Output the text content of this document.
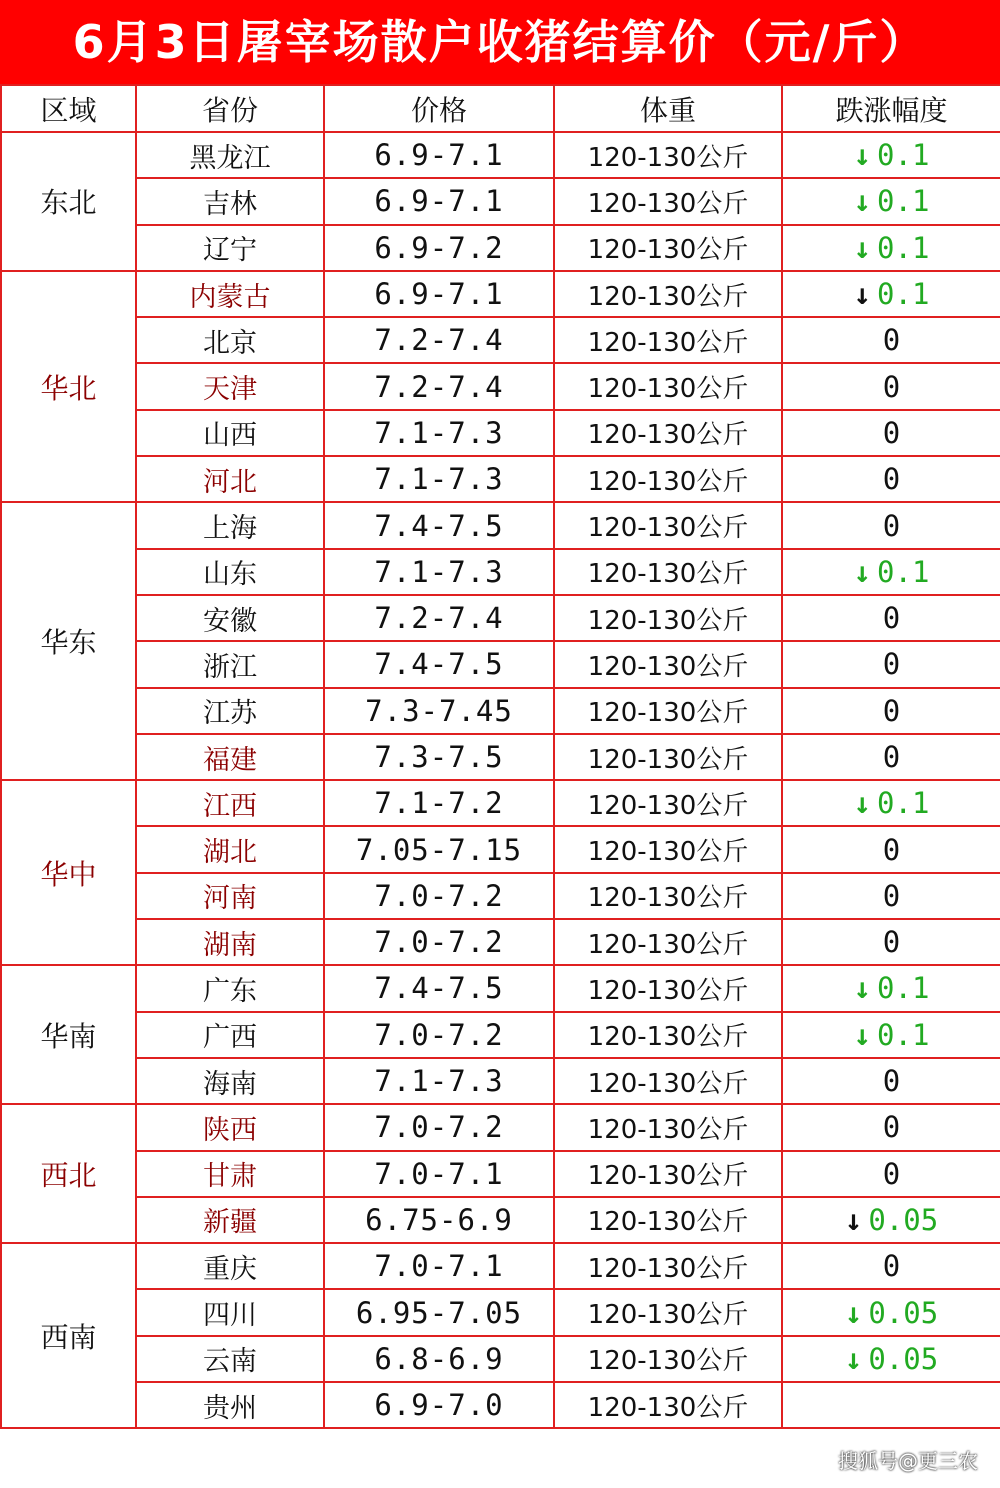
6月3日屠宰场散户收猪结算价（元/斤）
区域	省份	价格	体重	跌涨幅度
东北	黑龙江	6.9-7.1	120-130公斤	↓ 0.1
	吉林	6.9-7.1	120-130公斤	↓ 0.1
	辽宁	6.9-7.2	120-130公斤	↓ 0.1
华北	内蒙古	6.9-7.1	120-130公斤	↓ 0.1
	北京	7.2-7.4	120-130公斤	0
	天津	7.2-7.4	120-130公斤	0
	山西	7.1-7.3	120-130公斤	0
	河北	7.1-7.3	120-130公斤	0
华东	上海	7.4-7.5	120-130公斤	0
	山东	7.1-7.3	120-130公斤	↓ 0.1
	安徽	7.2-7.4	120-130公斤	0
	浙江	7.4-7.5	120-130公斤	0
	江苏	7.3-7.45	120-130公斤	0
	福建	7.3-7.5	120-130公斤	0
华中	江西	7.1-7.2	120-130公斤	↓ 0.1
	湖北	7.05-7.15	120-130公斤	0
	河南	7.0-7.2	120-130公斤	0
	湖南	7.0-7.2	120-130公斤	0
华南	广东	7.4-7.5	120-130公斤	↓ 0.1
	广西	7.0-7.2	120-130公斤	↓ 0.1
	海南	7.1-7.3	120-130公斤	0
西北	陕西	7.0-7.2	120-130公斤	0
	甘肃	7.0-7.1	120-130公斤	0
	新疆	6.75-6.9	120-130公斤	↓ 0.05
西南	重庆	7.0-7.1	120-130公斤	0
	四川	6.95-7.05	120-130公斤	↓ 0.05
	云南	6.8-6.9	120-130公斤	↓ 0.05
	贵州	6.9-7.0	120-130公斤	
搜狐号@更三农
